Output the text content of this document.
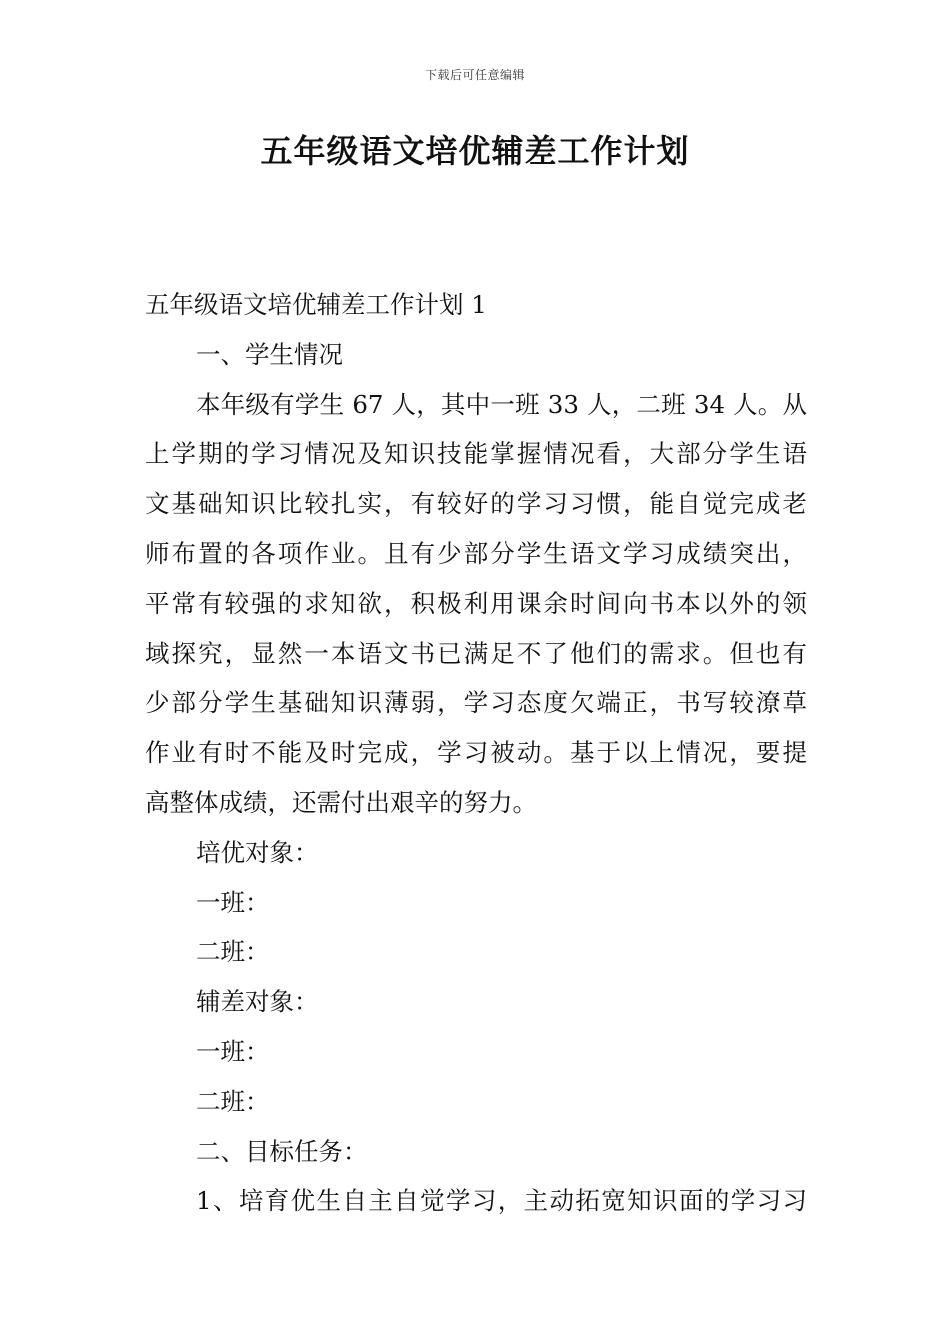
下载后可任意编辑
五年级语文培优辅差工作计划
五年级语文培优辅差工作计划 1
一、学生情况
本年级有学生 67 人，其中一班 33 人，二班 34 人。从
上学期的学习情况及知识技能掌握情况看，大部分学生语
文基础知识比较扎实，有较好的学习习惯，能自觉完成老
师布置的各项作业。且有少部分学生语文学习成绩突出，
平常有较强的求知欲，积极利用课余时间向书本以外的领
域探究，显然一本语文书已满足不了他们的需求。但也有
少部分学生基础知识薄弱，学习态度欠端正，书写较潦草
作业有时不能及时完成，学习被动。基于以上情况，要提
高整体成绩，还需付出艰辛的努力。
培优对象：
一班：
二班：
辅差对象：
一班：
二班：
二、目标任务：
1、培育优生自主自觉学习，主动拓宽知识面的学习习
